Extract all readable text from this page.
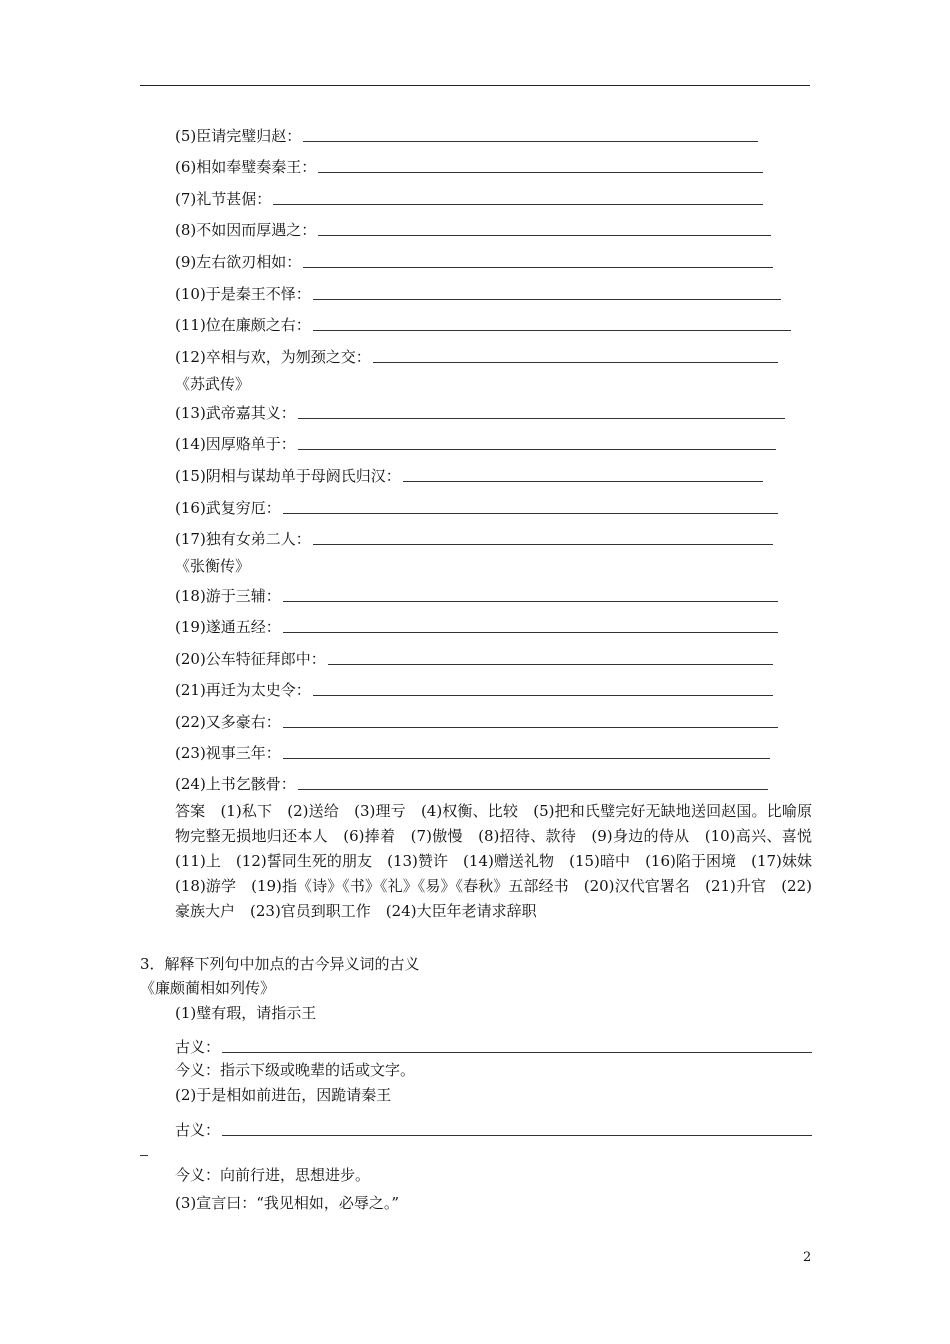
(5)臣请完璧归赵：
(6)相如奉璧奏秦王：
(7)礼节甚倨：
(8)不如因而厚遇之：
(9)左右欲刃相如：
(10)于是秦王不怿：
(11)位在廉颇之右：
(12)卒相与欢，为刎颈之交：
《苏武传》
(13)武帝嘉其义：
(14)因厚赂单于：
(15)阴相与谋劫单于母阏氏归汉：
(16)武复穷厄：
(17)独有女弟二人：
《张衡传》
(18)游于三辅：
(19)遂通五经：
(20)公车特征拜郎中：
(21)再迁为太史令：
(22)又多豪右：
(23)视事三年：
(24)上书乞骸骨：
答案　(1)私下　(2)送给　(3)理亏　(4)权衡、比较　(5)把和氏璧完好无缺地送回赵国。比喻原物完整无损地归还本人　(6)捧着　(7)傲慢　(8)招待、款待　(9)身边的侍从　(10)高兴、喜悦　(11)上　(12)誓同生死的朋友　(13)赞许　(14)赠送礼物　(15)暗中　(16)陷于困境　(17)妹妹　(18)游学　(19)指《诗》《书》《礼》《易》《春秋》五部经书　(20)汉代官署名　(21)升官　(22)豪族大户　(23)官员到职工作　(24)大臣年老请求辞职
3．解释下列句中加点的古今异义词的古义
《廉颇蔺相如列传》
(1)璧有瑕，请指示王
古义：
今义：指示下级或晚辈的话或文字。
(2)于是相如前进缶，因跪请秦王
古义：
今义：向前行进，思想进步。
(3)宣言曰：“我见相如，必辱之。”
2
